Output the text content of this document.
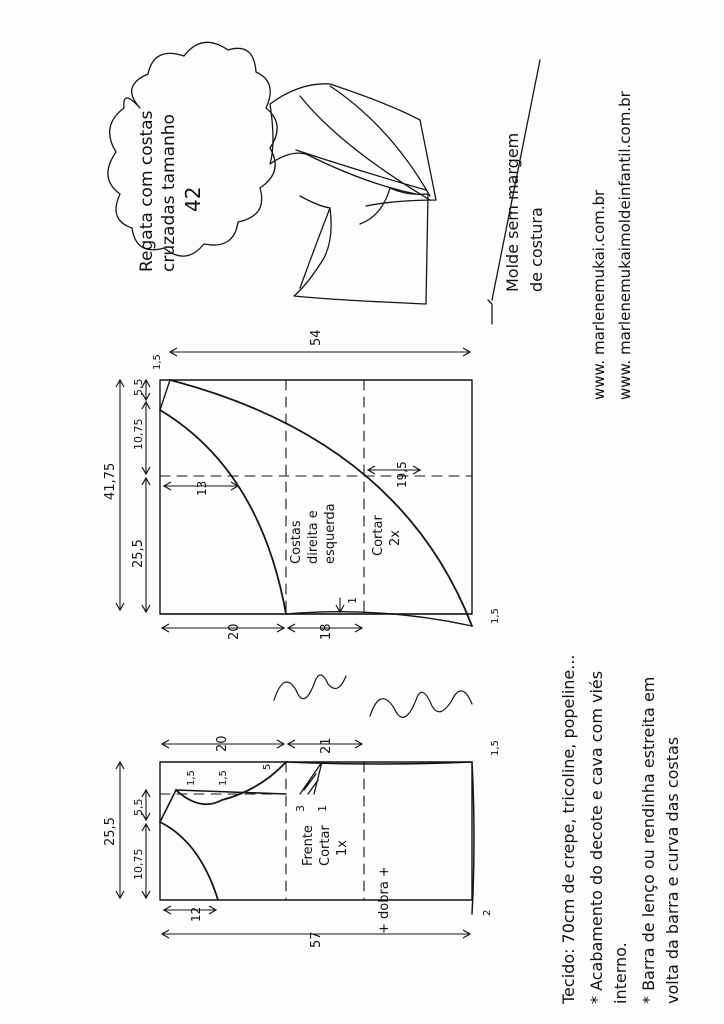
Regata com costas cruzadas tamanho 42	Molde sem margem de costura	www. marlenemukai.com.br www. marlenemukaimoldeinfantil.com.br
54
1,5
41,75
5,5
10,75
25,5
13
19,5
Costas direita e esquerda	Cortar 2x
1
1,5
20	18
20	21	1,5
25,5
5,5
10,75
1,5 1,5
5
3 1
12
Frente Cortar 1x
+ dobra +
57
2	Tecido: 70cm de crepe, tricoline, popeline... * Acabamento do decote e cava com viés interno. * Barra de lenço ou rendinha estreita em volta da barra e curva das costas
